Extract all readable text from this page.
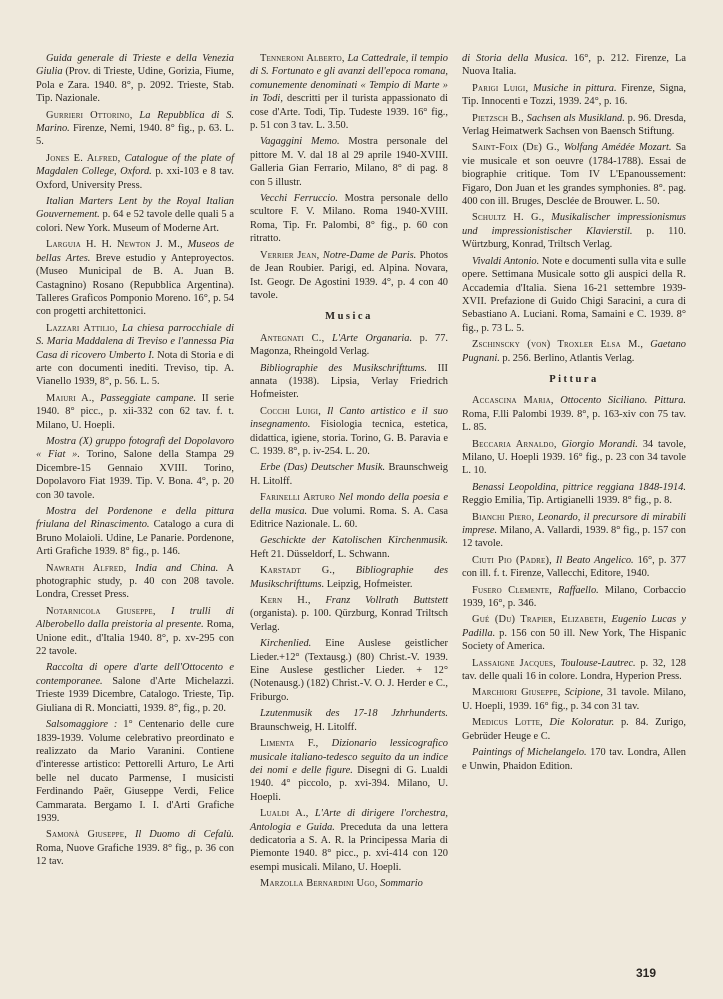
Guida generale di Trieste e della Venezia Giulia (Prov. di Trieste, Udine, Gorizia, Fiume, Pola e Zara. 1940. 8°, p. 2092. Trieste, Stab. Tip. Nazionale.
Gurrieri Ottorino, La Repubblica di S. Marino. Firenze, Nemi, 1940. 8° fig., p. 63. L. 5.
Jones E. Alfred, Catalogue of the plate of Magdalen College, Oxford. p. xxi-103 e 8 tav. Oxford, University Press.
Italian Marters Lent by the Royal Italian Gouvernement. p. 64 e 52 tavole delle quali 5 a colori. New York. Museum of Moderne Art.
Larguia H. H. Newton J. M., Museos de bellas Artes. Breve estudio y Anteproyectos. (Museo Municipal de B. A. Juan B. Castagnino) Rosano (Repubblica Argentina). Talleres Graficos Pomponio Moreno. 16°, p. 54 con progetti architettonici.
Lazzari Attilio, La chiesa parrocchiale di S. Maria Maddalena di Treviso e l'annessa Pia Casa di ricovero Umberto I. Nota di Storia e di arte con documenti inediti. Treviso, tip. A. Vianello 1939, 8°, p. 56. L. 5.
Maiuri A., Passeggiate campane. II serie 1940. 8° picc., p. xii-332 con 62 tav. f. t. Milano, U. Hoepli.
Mostra (X) gruppo fotografi del Dopolavoro « Fiat ». Torino, Salone della Stampa 29 Dicembre-15 Gennaio XVIII. Torino, Dopolavoro Fiat 1939. Tip. V. Bona. 4°, p. 20 con 30 tavole.
Mostra del Pordenone e della pittura friulana del Rinascimento. Catalogo a cura di Bruno Molaioli. Udine, Le Panarie. Pordenone, Arti Grafiche 1939. 8° fig., p. 146.
Nawrath Alfred, India and China. A photographic study, p. 40 con 208 tavole. Londra, Cresset Press.
Notarnicola Giuseppe, I trulli di Alberobello dalla preistoria al presente. Roma, Unione edit., d'Italia 1940. 8°, p. xv-295 con 22 tavole.
Raccolta di opere d'arte dell'Ottocento e contemporanee. Salone d'Arte Michelazzi. Trieste 1939 Dicembre, Catalogo. Trieste, Tip. Giuliana di R. Monciatti, 1939. 8°, fig., p. 20.
Salsomaggiore : 1° Centenario delle cure 1839-1939. Volume celebrativo preordinato e realizzato da Mario Varanini. Contiene d'interesse artistico: Pettorelli Arturo, Le Arti belle nel ducato Parmense, I musicisti Ferdinando Paër, Giuseppe Verdi, Felice Cammarata. Bergamo I. I. d'Arti Grafiche 1939.
Samonà Giuseppe, Il Duomo di Cefalù. Roma, Nuove Grafiche 1939. 8° fig., p. 36 con 12 tav.
Tenneroni Alberto, La Cattedrale, il tempio di S. Fortunato e gli avanzi dell'epoca romana, comunemente denominati « Tempio di Marte » in Todi, descritti per il turista appassionato di cose d'Arte. Todi, Tip. Tudeste 1939. 16° fig., p. 51 con 3 tav. L. 3.50.
Vagaggini Memo. Mostra personale del pittore M. V. dal 18 al 29 aprile 1940-XVIII. Galleria Gian Ferrario, Milano, 8° di pag. 8 con 5 illustr.
Vecchi Ferruccio. Mostra personale dello scultore F. V. Milano. Roma 1940-XVIII. Roma, Tip. Fr. Palombi, 8° fig., p. 60 con ritratto.
Verrier Jean, Notre-Dame de Paris. Photos de Jean Roubier. Parigi, ed. Alpina. Novara, Ist. Geogr. De Agostini 1939. 4°, p. 4 con 40 tavole.
Musica
Antegnati C., L'Arte Organaria. p. 77. Magonza, Rheingold Verlag.
Bibliographie des Musikschrifttums. III annata (1938). Lipsia, Verlay Friedrich Hofmeister.
Cocchi Luigi, Il Canto artistico e il suo insegnamento. Fisiologia tecnica, estetica, didattica, igiene, storia. Torino, G. B. Paravia e C. 1939. 8°, p. iv-254. L. 20.
Erbe (Das) Deutscher Musik. Braunschweig H. Litolff.
Farinelli Arturo Nel mondo della poesia e della musica. Due volumi. Roma. S. A. Casa Editrice Nazionale. L. 60.
Geschickte der Katolischen Kirchenmusik. Heft 21. Düsseldorf, L. Schwann.
Karstadt G., Bibliographie des Musikschrifttums. Leipzig, Hofmeister.
Kern H., Franz Vollrath Buttstett (organista). p. 100. Qürzburg, Konrad Triltsch Verlag.
Kirchenlied. Eine Auslese geistlicher Lieder.+12° (Textausg.) (80) Christ.-V. 1939. Eine Auslese gestlicher Lieder. + 12° (Notenausg.) (182) Christ.-V. O. J. Herder e C., Friburgo.
Lzutenmusik des 17-18 Jzhrhunderts. Braunschweig, H. Litolff.
Limenta F., Dizionario lessicografico musicale italiano-tedesco seguito da un indice dei nomi e delle figure. Disegni di G. Lualdi 1940. 4° piccolo, p. xvi-394. Milano, U. Hoepli.
Lualdi A., L'Arte di dirigere l'orchestra, Antologia e Guida. Preceduta da una lettera dedicatoria a S. A. R. la Principessa Maria di Piemonte 1940. 8° picc., p. xvi-414 con 120 esempi musicali. Milano, U. Hoepli.
Marzolla Bernardini Ugo, Sommario
di Storia della Musica. 16°, p. 212. Firenze, La Nuova Italia.
Parigi Luigi, Musiche in pittura. Firenze, Signa, Tip. Innocenti e Tozzi, 1939. 24°, p. 16.
Pietzsch B., Sachsen als Musikland. p. 96. Dresda, Verlag Heimatwerk Sachsen von Baensch Stiftung.
Saint-Foix (De) G., Wolfang Amédée Mozart. Sa vie musicale et son oeuvre (1784-1788). Essai de biographie critique. Tom IV L'Epanoussement: Figaro, Don Juan et les grandes symphonies. 8°. pag. 400 con ill. Bruges, Desclée de Brouwer. L. 50.
Schultz H. G., Musikalischer impressionismus und impressionistischer Klavierstil. p. 110. Würtzburg, Konrad, Triltsch Verlag.
Vivaldi Antonio. Note e documenti sulla vita e sulle opere. Settimana Musicale sotto gli auspici della R. Accademia d'Italia. Siena 16-21 settembre 1939-XVII. Prefazione di Guido Chigi Saracini, a cura di Sebastiano A. Luciani. Roma, Samaini e C. 1939. 8° fig., p. 73 L. 5.
Zschinscky (von) Troxler Elsa M., Gaetano Pugnani. p. 256. Berlino, Atlantis Verlag.
Pittura
Accascina Maria, Ottocento Siciliano. Pittura. Roma, F.lli Palombi 1939. 8°, p. 163-xiv con 75 tav. L. 85.
Beccaria Arnaldo, Giorgio Morandi. 34 tavole, Milano, U. Hoepli 1939. 16° fig., p. 23 con 34 tavole L. 10.
Benassi Leopoldina, pittrice reggiana 1848-1914. Reggio Emilia, Tip. Artigianelli 1939. 8° fig., p. 8.
Bianchi Piero, Leonardo, il precursore di mirabili imprese. Milano, A. Vallardi, 1939. 8° fig., p. 157 con 12 tavole.
Ciuti Pio (Padre), Il Beato Angelico. 16°, p. 377 con ill. f. t. Firenze, Vallecchi, Editore, 1940.
Fusero Clemente, Raffaello. Milano, Corbaccio 1939, 16°, p. 346.
Gué (Du) Trapier, Elizabeth, Eugenio Lucas y Padilla. p. 156 con 50 ill. New York, The Hispanic Society of America.
Lassaigne Jacques, Toulouse-Lautrec. p. 32, 128 tav. delle quali 16 in colore. Londra, Hyperion Press.
Marchiori Giuseppe, Scipione, 31 tavole. Milano, U. Hoepli, 1939. 16° fig., p. 34 con 31 tav.
Medicus Lotte, Die Koloratur. p. 84. Zurigo, Gebrüder Heuge e C.
Paintings of Michelangelo. 170 tav. Londra, Allen e Unwin, Phaidon Edition.
319
